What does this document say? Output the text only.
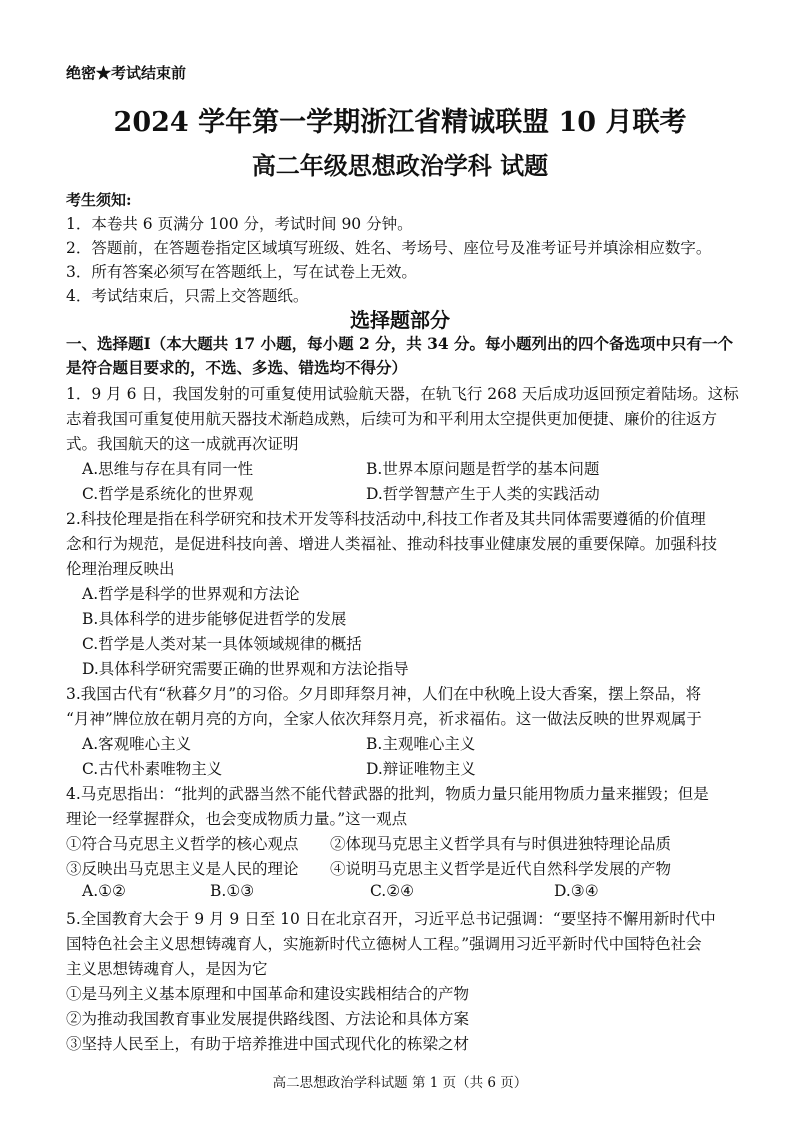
绝密★考试结束前
2024 学年第一学期浙江省精诚联盟 10 月联考
高二年级思想政治学科 试题
考生须知:
1．本卷共 6 页满分 100 分，考试时间 90 分钟。
2．答题前，在答题卷指定区域填写班级、姓名、考场号、座位号及准考证号并填涂相应数字。
3．所有答案必须写在答题纸上，写在试卷上无效。
4．考试结束后，只需上交答题纸。
选择题部分
一、选择题Ⅰ（本大题共 17 小题，每小题 2 分，共 34 分。每小题列出的四个备选项中只有一个
是符合题目要求的，不选、多选、错选均不得分）
1．9 月 6 日，我国发射的可重复使用试验航天器，在轨飞行 268 天后成功返回预定着陆场。这标
志着我国可重复使用航天器技术渐趋成熟，后续可为和平利用太空提供更加便捷、廉价的往返方
式。我国航天的这一成就再次证明
A.思维与存在具有同一性	B.世界本原问题是哲学的基本问题
C.哲学是系统化的世界观	D.哲学智慧产生于人类的实践活动
2.科技伦理是指在科学研究和技术开发等科技活动中,科技工作者及其共同体需要遵循的价值理
念和行为规范，是促进科技向善、增进人类福祉、推动科技事业健康发展的重要保障。加强科技
伦理治理反映出
A.哲学是科学的世界观和方法论
B.具体科学的进步能够促进哲学的发展
C.哲学是人类对某一具体领域规律的概括
D.具体科学研究需要正确的世界观和方法论指导
3.我国古代有“秋暮夕月”的习俗。夕月即拜祭月神，人们在中秋晚上设大香案，摆上祭品，将
“月神”牌位放在朝月亮的方向，全家人依次拜祭月亮，祈求福佑。这一做法反映的世界观属于
A.客观唯心主义	B.主观唯心主义
C.古代朴素唯物主义	D.辩证唯物主义
4.马克思指出：“批判的武器当然不能代替武器的批判，物质力量只能用物质力量来摧毁；但是
理论一经掌握群众，也会变成物质力量。”这一观点
①符合马克思主义哲学的核心观点 ②体现马克思主义哲学具有与时俱进独特理论品质
③反映出马克思主义是人民的理论 ④说明马克思主义哲学是近代自然科学发展的产物
A.①②	B.①③	C.②④	D.③④
5.全国教育大会于 9 月 9 日至 10 日在北京召开，习近平总书记强调：“要坚持不懈用新时代中
国特色社会主义思想铸魂育人，实施新时代立德树人工程。”强调用习近平新时代中国特色社会
主义思想铸魂育人，是因为它
①是马列主义基本原理和中国革命和建设实践相结合的产物
②为推动我国教育事业发展提供路线图、方法论和具体方案
③坚持人民至上，有助于培养推进中国式现代化的栋梁之材
高二思想政治学科试题 第 1 页（共 6 页）
